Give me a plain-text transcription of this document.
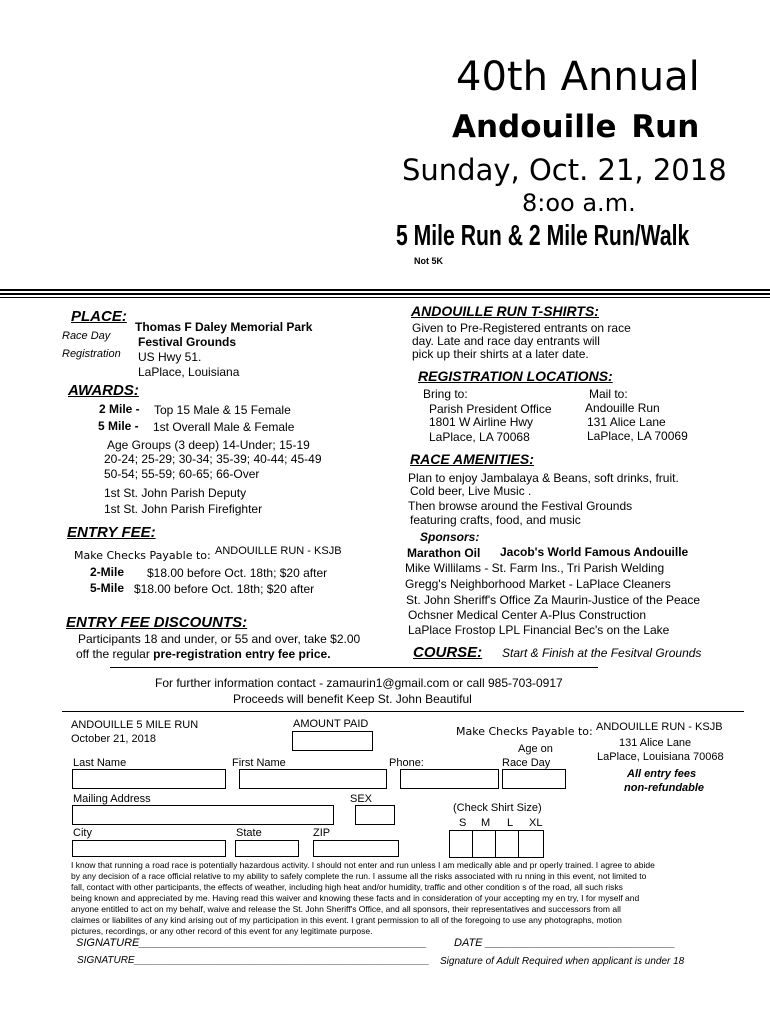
40th Annual
Andouille Run
Sunday, Oct. 21, 2018
8:oo a.m.
5 Mile Run & 2 Mile Run/Walk
Not 5K
PLACE:
Race Day
Registration
Thomas F Daley Memorial Park
Festival Grounds
US Hwy 51.
LaPlace, Louisiana
AWARDS:
2 Mile - Top 15 Male & 15 Female
5 Mile - 1st Overall Male & Female
Age Groups (3 deep) 14-Under; 15-19
20-24; 25-29; 30-34; 35-39; 40-44; 45-49
50-54; 55-59; 60-65; 66-Over
1st St. John Parish Deputy
1st St. John Parish Firefighter
ENTRY FEE:
Make Checks Payable to: ANDOUILLE RUN - KSJB
2-Mile $18.00 before Oct. 18th; $20 after
5-Mile $18.00 before Oct. 18th; $20 after
ENTRY FEE DISCOUNTS:
Participants 18 and under, or 55 and over, take $2.00
off the regular pre-registration entry fee price.
ANDOUILLE RUN T-SHIRTS:
Given to Pre-Registered entrants on race
day. Late and race day entrants will
pick up their shirts at a later date.
REGISTRATION LOCATIONS:
Bring to:
Parish President Office
1801 W Airline Hwy
LaPlace, LA 70068
Mail to:
Andouille Run
131 Alice Lane
LaPlace, LA 70069
RACE AMENITIES:
Plan to enjoy Jambalaya & Beans, soft drinks, fruit.
Cold beer, Live Music .
Then browse around the Festival Grounds
featuring crafts, food, and music
Sponsors:
Marathon Oil Jacob's World Famous Andouille
Mike Willilams - St. Farm Ins., Tri Parish Welding
Gregg's Neighborhood Market - LaPlace Cleaners
St. John Sheriff's Office Za Maurin-Justice of the Peace
Ochsner Medical Center A-Plus Construction
LaPlace Frostop LPL Financial Bec's on the Lake
COURSE: Start & Finish at the Fesitval Grounds
For further information contact - zamaurin1@gmail.com or call 985-703-0917
Proceeds will benefit Keep St. John Beautiful
ANDOUILLE 5 MILE RUN
October 21, 2018
AMOUNT PAID
Make Checks Payable to: ANDOUILLE RUN - KSJB
131 Alice Lane
LaPlace, Louisiana 70068
All entry fees
non-refundable
Age on
Race Day
Last Name	First Name	Phone:
Mailing Address	SEX
(Check Shirt Size)
S M L XL
City	State	ZIP
I know that running a road race is potentially hazardous activity. I should not enter and run unless I am medically able and pr operly trained. I agree to abide
by any decision of a race official relative to my ability to safely complete the run. I assume all the risks associated with ru nning in this event, not limited to
fall, contact with other participants, the effects of weather, including high heat and/or humidity, traffic and other condition s of the road, all such risks
being known and appreciated by me. Having read this waiver and knowing these facts and in consideration of your accepting my en try, I for myself and
anyone entitled to act on my behalf, waive and release the St. John Sheriff's Office, and all sponsors, their representatives and successors from all
claimes or liabilites of any kind arising out of my participation in this event. I grant permission to all of the foregoing to use any photographs, motion
pictures, recordings, or any other record of this event for any legitimate purpose.
SIGNATURE_______________________________________________ DATE _______________________________
SIGNATURE_____________________________________________________ Signature of Adult Required when applicant is under 18
